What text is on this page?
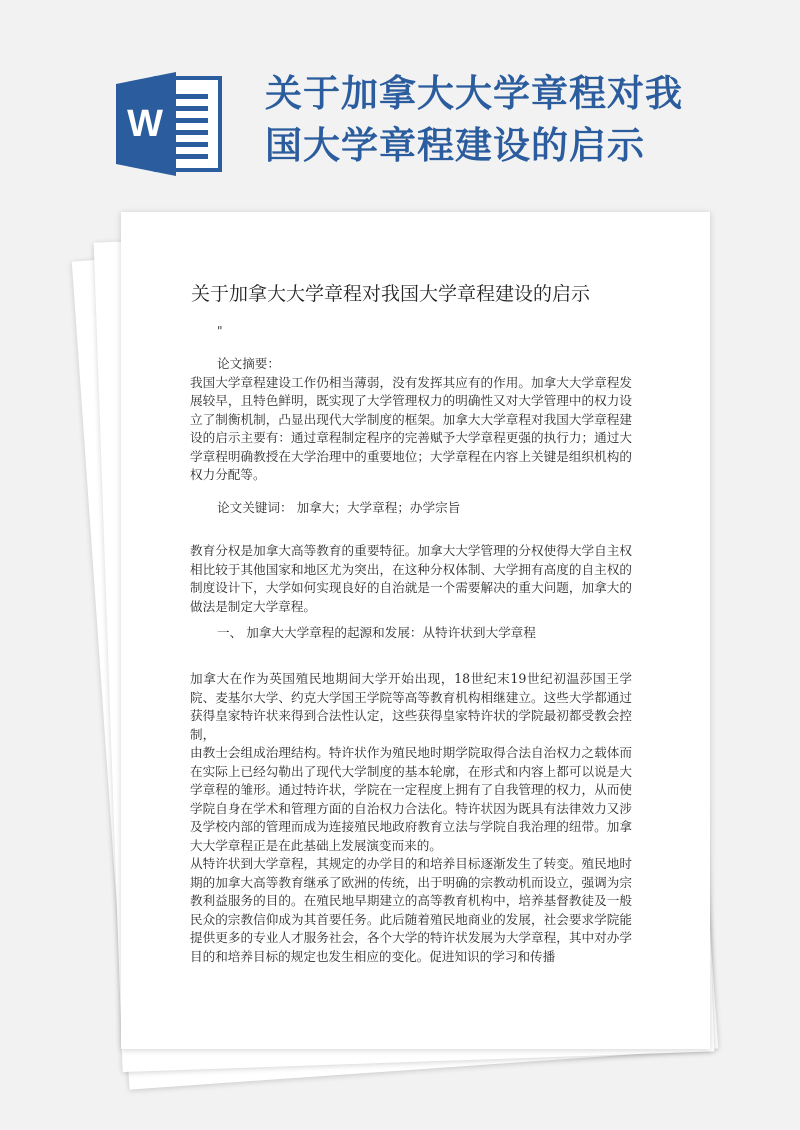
W
关于加拿大大学章程对我国大学章程建设的启示
关于加拿大大学章程对我国大学章程建设的启示
"

论文摘要：

我国大学章程建设工作仍相当薄弱，没有发挥其应有的作用。加拿大大学章程发展较早，且特色鲜明，既实现了大学管理权力的明确性又对大学管理中的权力设立了制衡机制，凸显出现代大学制度的框架。加拿大大学章程对我国大学章程建设的启示主要有：通过章程制定程序的完善赋予大学章程更强的执行力；通过大学章程明确教授在大学治理中的重要地位；大学章程在内容上关键是组织机构的权力分配等。

论文关键词： 加拿大；大学章程；办学宗旨

教育分权是加拿大高等教育的重要特征。加拿大大学管理的分权使得大学自主权相比较于其他国家和地区尤为突出，在这种分权体制、大学拥有高度的自主权的制度设计下，大学如何实现良好的自治就是一个需要解决的重大问题，加拿大的做法是制定大学章程。

一、 加拿大大学章程的起源和发展：从特许状到大学章程

加拿大在作为英国殖民地期间大学开始出现，18世纪末19世纪初温莎国王学院、麦基尔大学、约克大学国王学院等高等教育机构相继建立。这些大学都通过获得皇家特许状来得到合法性认定，这些获得皇家特许状的学院最初都受教会控制，

由教士会组成治理结构。特许状作为殖民地时期学院取得合法自治权力之载体而在实际上已经勾勒出了现代大学制度的基本轮廓，在形式和内容上都可以说是大学章程的雏形。通过特许状，学院在一定程度上拥有了自我管理的权力，从而使学院自身在学术和管理方面的自治权力合法化。特许状因为既具有法律效力又涉及学校内部的管理而成为连接殖民地政府教育立法与学院自我治理的纽带。加拿大大学章程正是在此基础上发展演变而来的。

从特许状到大学章程，其规定的办学目的和培养目标逐渐发生了转变。殖民地时期的加拿大高等教育继承了欧洲的传统，出于明确的宗教动机而设立，强调为宗教利益服务的目的。在殖民地早期建立的高等教育机构中，培养基督教徒及一般民众的宗教信仰成为其首要任务。此后随着殖民地商业的发展，社会要求学院能提供更多的专业人才服务社会，各个大学的特许状发展为大学章程，其中对办学目的和培养目标的规定也发生相应的变化。促进知识的学习和传播
